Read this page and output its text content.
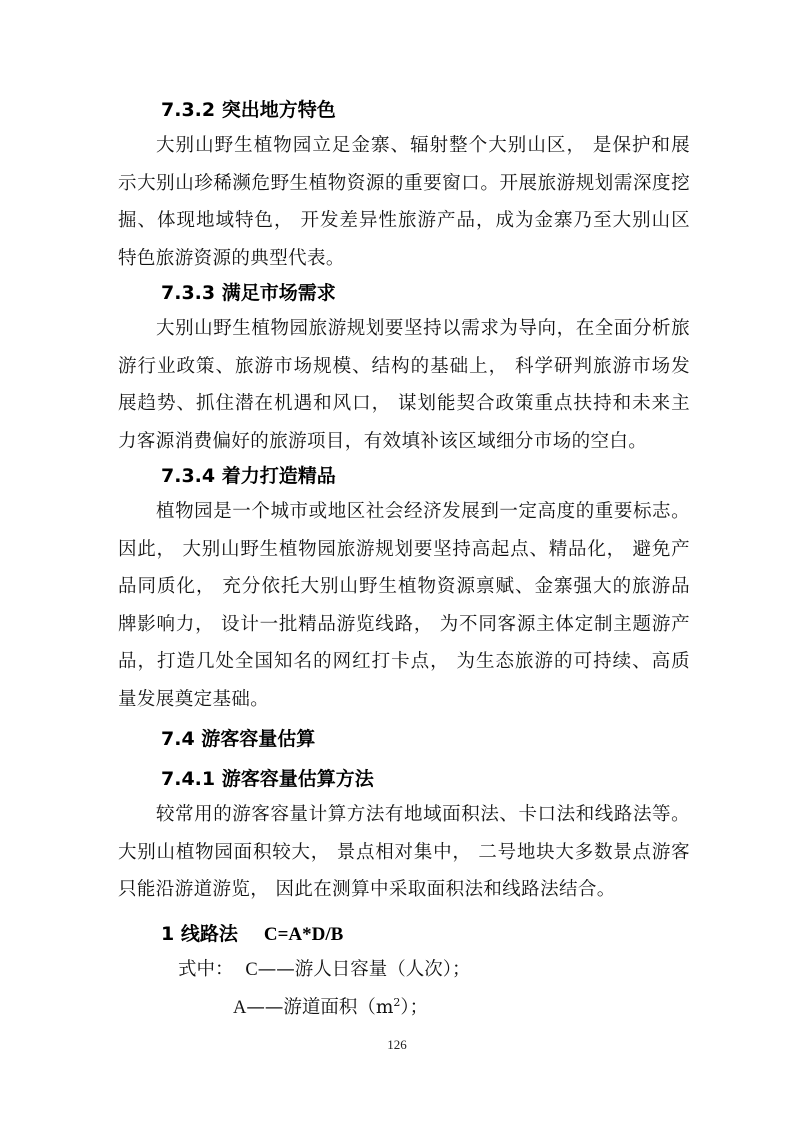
7.3.2 突出地方特色
大别山野生植物园立足金寨、辐射整个大别山区， 是保护和展示大别山珍稀濒危野生植物资源的重要窗口。开展旅游规划需深度挖掘、体现地域特色， 开发差异性旅游产品，成为金寨乃至大别山区特色旅游资源的典型代表。
7.3.3 满足市场需求
大别山野生植物园旅游规划要坚持以需求为导向，在全面分析旅游行业政策、旅游市场规模、结构的基础上， 科学研判旅游市场发展趋势、抓住潜在机遇和风口， 谋划能契合政策重点扶持和未来主力客源消费偏好的旅游项目，有效填补该区域细分市场的空白。
7.3.4 着力打造精品
植物园是一个城市或地区社会经济发展到一定高度的重要标志。因此， 大别山野生植物园旅游规划要坚持高起点、精品化， 避免产品同质化， 充分依托大别山野生植物资源禀赋、金寨强大的旅游品牌影响力， 设计一批精品游览线路， 为不同客源主体定制主题游产品，打造几处全国知名的网红打卡点， 为生态旅游的可持续、高质量发展奠定基础。
7.4 游客容量估算
7.4.1 游客容量估算方法
较常用的游客容量计算方法有地域面积法、卡口法和线路法等。大别山植物园面积较大， 景点相对集中， 二号地块大多数景点游客只能沿游道游览， 因此在测算中采取面积法和线路法结合。
1 线路法 C=A*D/B
式中： C——游人日容量（人次）；
A——游道面积$(m^2)$；
126
